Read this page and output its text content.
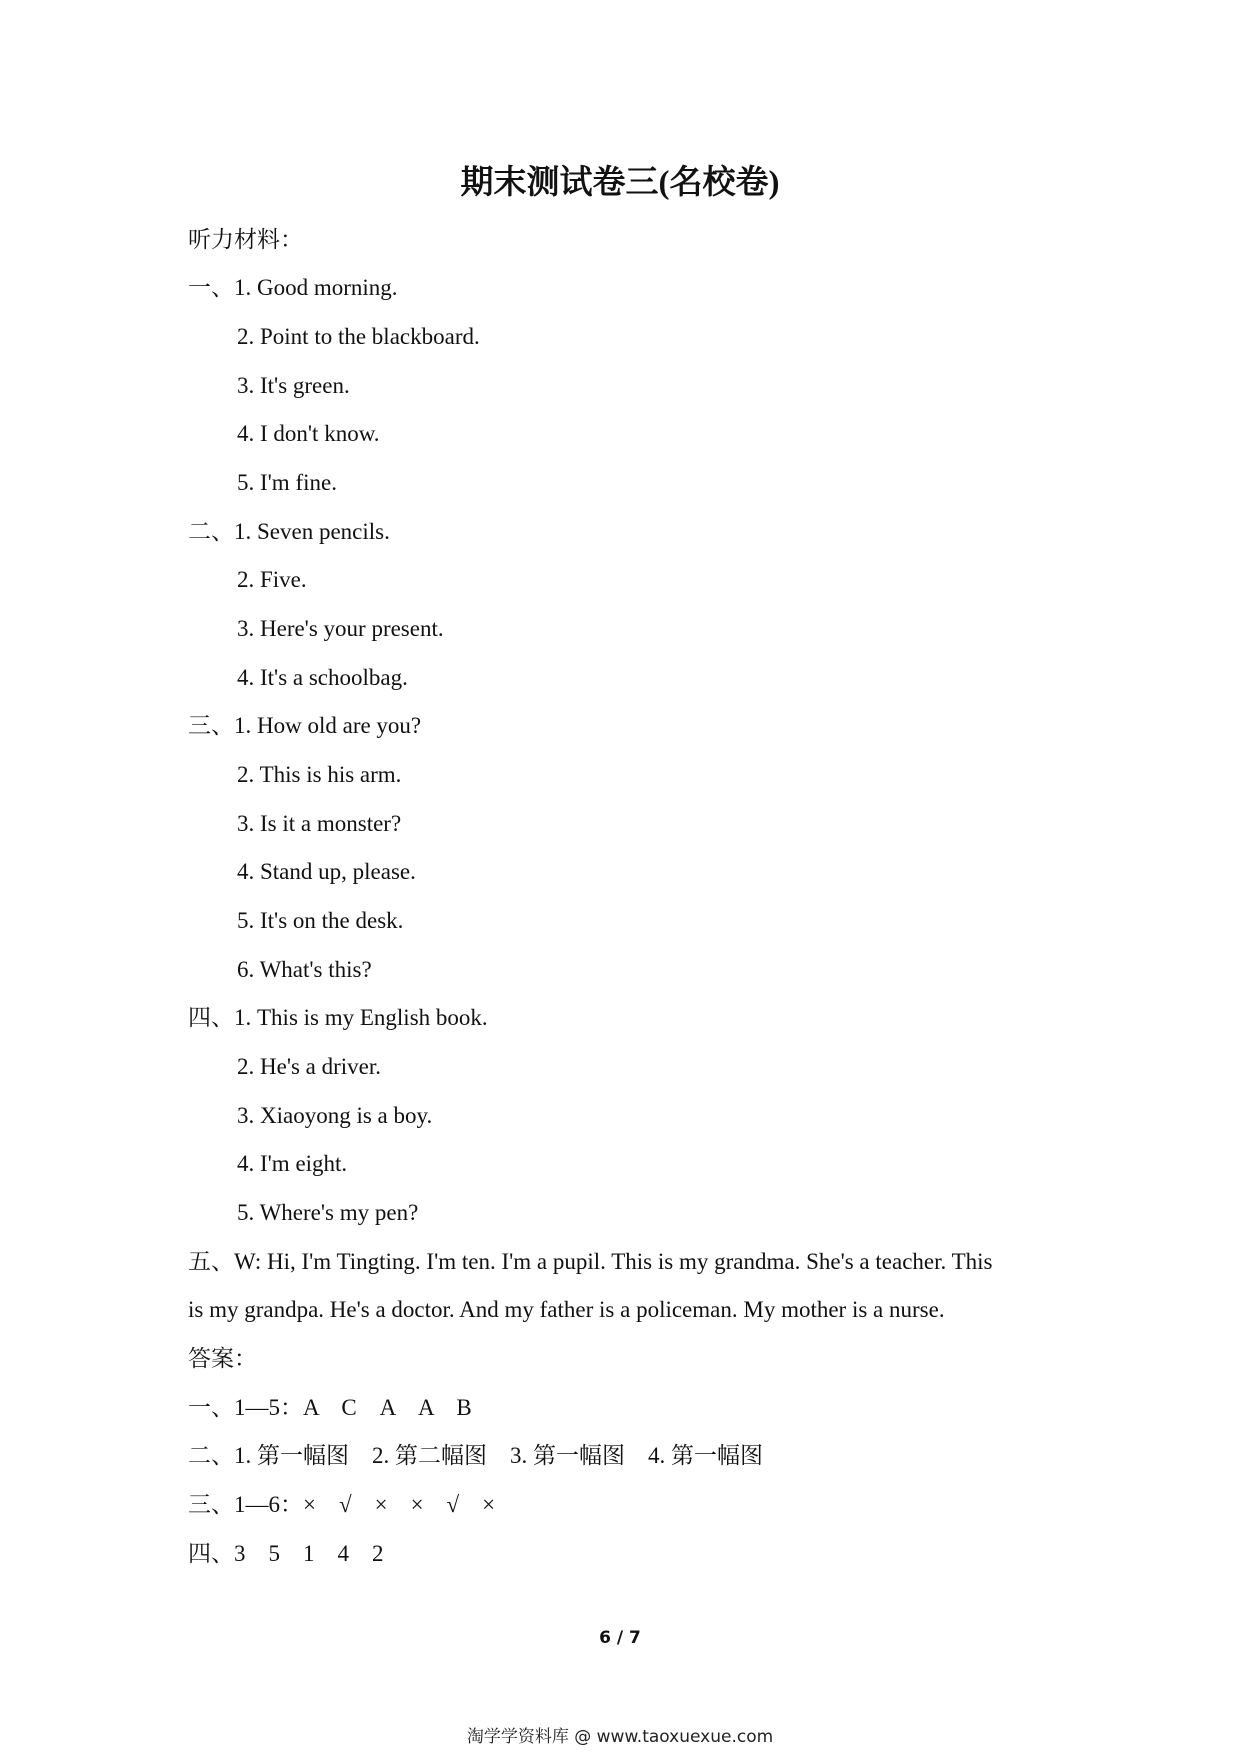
期末测试卷三(名校卷)
听力材料：
一、1. Good morning.
2. Point to the blackboard.
3. It's green.
4. I don't know.
5. I'm fine.
二、1. Seven pencils.
2. Five.
3. Here's your present.
4. It's a schoolbag.
三、1. How old are you?
2. This is his arm.
3. Is it a monster?
4. Stand up, please.
5. It's on the desk.
6. What's this?
四、1. This is my English book.
2. He's a driver.
3. Xiaoyong is a boy.
4. I'm eight.
5. Where's my pen?
五、W: Hi, I'm Tingting. I'm ten. I'm a pupil. This is my grandma. She's a teacher. This
is my grandpa. He's a doctor. And my father is a policeman. My mother is a nurse.
答案：
一、1—5：A　C　A　A　B
二、1. 第一幅图　2. 第二幅图　3. 第一幅图　4. 第一幅图
三、1—6：×　√　×　×　√　×
四、3　5　1　4　2
6 / 7
淘学学资料库 @ www.taoxuexue.com
